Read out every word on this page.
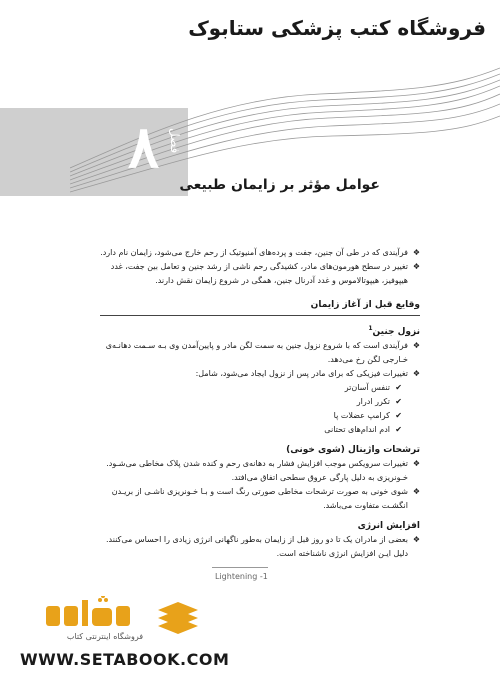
فروشگاه کتب پزشکی ستابوک
۸ فصل
عوامل مؤثر بر زایمان طبیعی

❖ فرآیندی که در طی آن جنین، جفت و پرده‌های آمنیوتیک از رحم خارج می‌شود، زایمان نام دارد.

❖ تغییر در سطح هورمون‌های مادر، کشیدگی رحم ناشی از رشد جنین و تعامل بین جفت، غدد هیپوفیز، هیپوتالاموس و غدد آدرنال جنین، همگی در شروع زایمان نقش دارند.

وقایع قبل از آغاز زایمان
نزول جنین$^1$

❖ فرآیندی است که با شروع نزول جنین به سمت لگن مادر و پایین‌آمدن وی بـه سـمت دهانـه‌ی خـارجی لگن رخ می‌دهد.

❖ تغییرات فیزیکی که برای مادر پس از نزول ایجاد می‌شود، شامل:

✔ تنفس آسان‌تر

✔ تکرر ادرار

✔ کرامپ عضلات پا

✔ ادم اندام‌های تحتانی

ترشحات واژینال (شوی خونی)

❖ تغییرات سرویکس موجب افزایش فشار به دهانه‌ی رحم و کنده شدن پلاک مخاطی می‌شـود. خـونریزی به دلیل پارگی عروق سطحی اتفاق می‌افتد.

❖ شوی خونی به صورت ترشحات مخاطی صورتی رنگ است و بـا خـونریزی ناشـی از بریـدن انگشـت متفاوت می‌باشد.

افزایش انرژی

❖ بعضی از مادران یک تا دو روز قبل از زایمان به‌طور ناگهانی انرژی زیادی را احساس می‌کنند. دلیل ایـن افزایش انرژی ناشناخته است.

1- Lightening
فروشگاه اینترنتی کتاب
WWW.SETABOOK.COM
